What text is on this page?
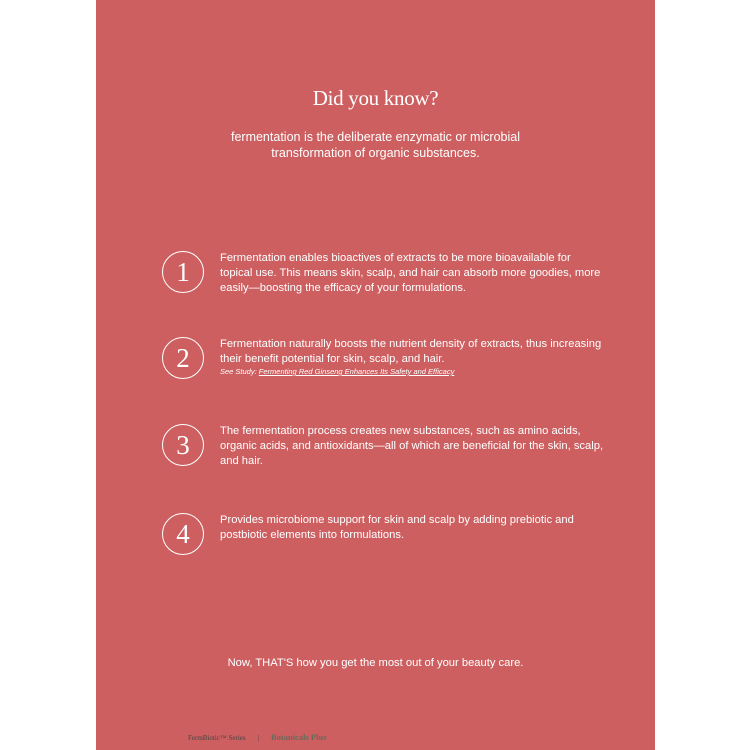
Did you know?
fermentation is the deliberate enzymatic or microbial
transformation of organic substances.
1	Fermentation enables bioactives of extracts to be more bioavailable for topical use. This means skin, scalp, and hair can absorb more goodies, more easily—boosting the efficacy of your formulations.
2	Fermentation naturally boosts the nutrient density of extracts, thus increasing their benefit potential for skin, scalp, and hair.
See Study: Fermenting Red Ginseng Enhances Its Safety and Efficacy
3	The fermentation process creates new substances, such as amino acids, organic acids, and antioxidants—all of which are beneficial for the skin, scalp, and hair.
4	Provides microbiome support for skin and scalp by adding prebiotic and postbiotic elements into formulations.
Now, THAT'S how you get the most out of your beauty care.
FermBiotic™ Series | Botanicals Plus
